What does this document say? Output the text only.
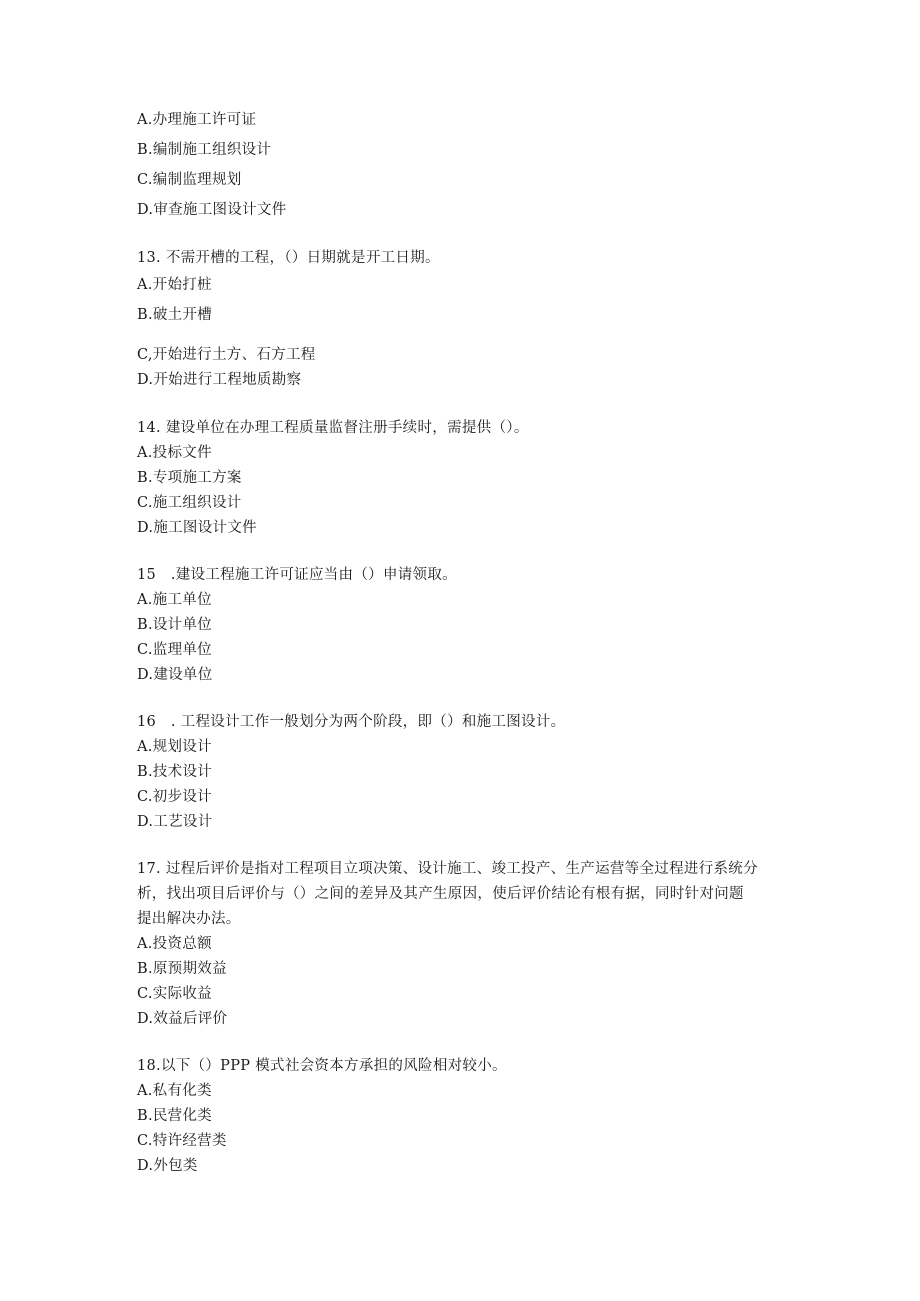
A.办理施工许可证
B.编制施工组织设计
C.编制监理规划
D.审查施工图设计文件
13. 不需开槽的工程，（）日期就是开工日期。
A.开始打桩
B.破土开槽
C,开始进行土方、石方工程
D.开始进行工程地质勘察
14. 建设单位在办理工程质量监督注册手续时，需提供（）。
A.投标文件
B.专项施工方案
C.施工组织设计
D.施工图设计文件
15　.建设工程施工许可证应当由（）申请领取。
A.施工单位
B.设计单位
C.监理单位
D.建设单位
16　. 工程设计工作一般划分为两个阶段，即（）和施工图设计。
A.规划设计
B.技术设计
C.初步设计
D.工艺设计
17. 过程后评价是指对工程项目立项决策、设计施工、竣工投产、生产运营等全过程进行系统分
析，找出项目后评价与（）之间的差异及其产生原因，使后评价结论有根有据，同时针对问题
提出解决办法。
A.投资总额
B.原预期效益
C.实际收益
D.效益后评价
18.以下（）PPP 模式社会资本方承担的风险相对较小。
A.私有化类
B.民营化类
C.特许经营类
D.外包类
